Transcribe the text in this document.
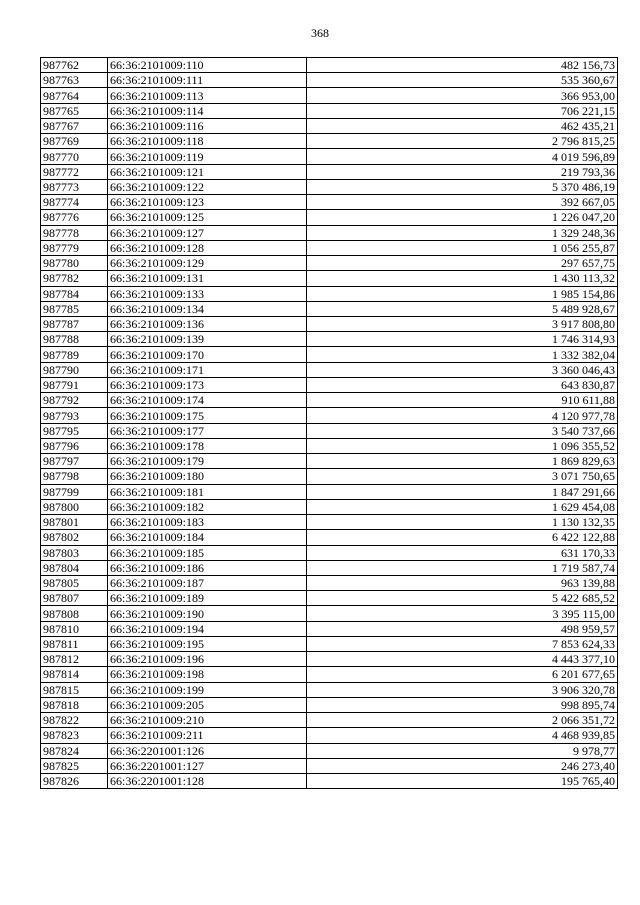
368
987762	66:36:2101009:110	482 156,73
987763	66:36:2101009:111	535 360,67
987764	66:36:2101009:113	366 953,00
987765	66:36:2101009:114	706 221,15
987767	66:36:2101009:116	462 435,21
987769	66:36:2101009:118	2 796 815,25
987770	66:36:2101009:119	4 019 596,89
987772	66:36:2101009:121	219 793,36
987773	66:36:2101009:122	5 370 486,19
987774	66:36:2101009:123	392 667,05
987776	66:36:2101009:125	1 226 047,20
987778	66:36:2101009:127	1 329 248,36
987779	66:36:2101009:128	1 056 255,87
987780	66:36:2101009:129	297 657,75
987782	66:36:2101009:131	1 430 113,32
987784	66:36:2101009:133	1 985 154,86
987785	66:36:2101009:134	5 489 928,67
987787	66:36:2101009:136	3 917 808,80
987788	66:36:2101009:139	1 746 314,93
987789	66:36:2101009:170	1 332 382,04
987790	66:36:2101009:171	3 360 046,43
987791	66:36:2101009:173	643 830,87
987792	66:36:2101009:174	910 611,88
987793	66:36:2101009:175	4 120 977,78
987795	66:36:2101009:177	3 540 737,66
987796	66:36:2101009:178	1 096 355,52
987797	66:36:2101009:179	1 869 829,63
987798	66:36:2101009:180	3 071 750,65
987799	66:36:2101009:181	1 847 291,66
987800	66:36:2101009:182	1 629 454,08
987801	66:36:2101009:183	1 130 132,35
987802	66:36:2101009:184	6 422 122,88
987803	66:36:2101009:185	631 170,33
987804	66:36:2101009:186	1 719 587,74
987805	66:36:2101009:187	963 139,88
987807	66:36:2101009:189	5 422 685,52
987808	66:36:2101009:190	3 395 115,00
987810	66:36:2101009:194	498 959,57
987811	66:36:2101009:195	7 853 624,33
987812	66:36:2101009:196	4 443 377,10
987814	66:36:2101009:198	6 201 677,65
987815	66:36:2101009:199	3 906 320,78
987818	66:36:2101009:205	998 895,74
987822	66:36:2101009:210	2 066 351,72
987823	66:36:2101009:211	4 468 939,85
987824	66:36:2201001:126	9 978,77
987825	66:36:2201001:127	246 273,40
987826	66:36:2201001:128	195 765,40
